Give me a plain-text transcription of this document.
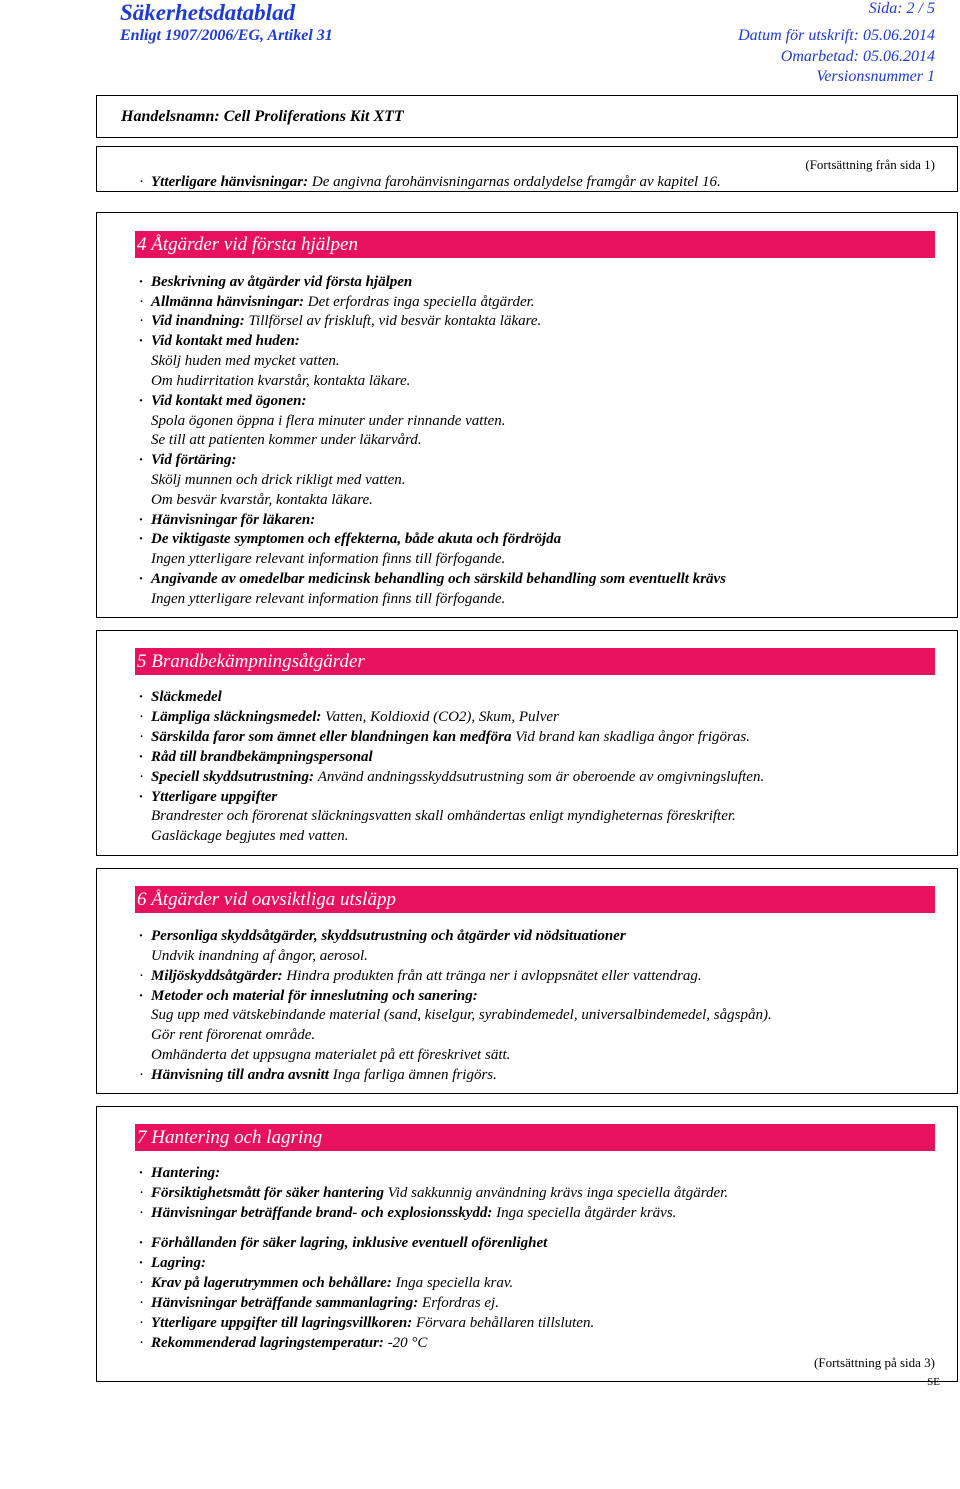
Säkerhetsdatablad
Enligt 1907/2006/EG, Artikel 31
Sida: 2 / 5
Datum för utskrift: 05.06.2014
Omarbetad: 05.06.2014
Versionsnummer 1
Handelsnamn: Cell Proliferations Kit XTT
(Fortsättning från sida 1)
· Ytterligare hänvisningar: De angivna farohänvisningarnas ordalydelse framgår av kapitel 16.
4 Åtgärder vid första hjälpen
· Beskrivning av åtgärder vid första hjälpen
· Allmänna hänvisningar: Det erfordras inga speciella åtgärder.
· Vid inandning: Tillförsel av friskluft, vid besvär kontakta läkare.
· Vid kontakt med huden:
Skölj huden med mycket vatten.
Om hudirritation kvarstår, kontakta läkare.
· Vid kontakt med ögonen:
Spola ögonen öppna i flera minuter under rinnande vatten.
Se till att patienten kommer under läkarvård.
· Vid förtäring:
Skölj munnen och drick rikligt med vatten.
Om besvär kvarstår, kontakta läkare.
· Hänvisningar för läkaren:
· De viktigaste symptomen och effekterna, både akuta och fördröjda
Ingen ytterligare relevant information finns till förfogande.
· Angivande av omedelbar medicinsk behandling och särskild behandling som eventuellt krävs
Ingen ytterligare relevant information finns till förfogande.
5 Brandbekämpningsåtgärder
· Släckmedel
· Lämpliga släckningsmedel: Vatten, Koldioxid (CO2), Skum, Pulver
· Särskilda faror som ämnet eller blandningen kan medföra Vid brand kan skadliga ångor frigöras.
· Råd till brandbekämpningspersonal
· Speciell skyddsutrustning: Använd andningsskyddsutrustning som är oberoende av omgivningsluften.
· Ytterligare uppgifter
Brandrester och förorenat släckningsvatten skall omhändertas enligt myndigheternas föreskrifter.
Gasläckage begjutes med vatten.
6 Åtgärder vid oavsiktliga utsläpp
· Personliga skyddsåtgärder, skyddsutrustning och åtgärder vid nödsituationer
Undvik inandning af ångor, aerosol.
· Miljöskyddsåtgärder: Hindra produkten från att tränga ner i avloppsnätet eller vattendrag.
· Metoder och material för inneslutning och sanering:
Sug upp med vätskebindande material (sand, kiselgur, syrabindemedel, universalbindemedel, sågspån).
Gör rent förorenat område.
Omhänderta det uppsugna materialet på ett föreskrivet sätt.
· Hänvisning till andra avsnitt Inga farliga ämnen frigörs.
7 Hantering och lagring
· Hantering:
· Försiktighetsmått för säker hantering Vid sakkunnig användning krävs inga speciella åtgärder.
· Hänvisningar beträffande brand- och explosionsskydd: Inga speciella åtgärder krävs.
· Förhållanden för säker lagring, inklusive eventuell oförenlighet
· Lagring:
· Krav på lagerutrymmen och behållare: Inga speciella krav.
· Hänvisningar beträffande sammanlagring: Erfordras ej.
· Ytterligare uppgifter till lagringsvillkoren: Förvara behållaren tillsluten.
· Rekommenderad lagringstemperatur: -20 °C
(Fortsättning på sida 3)
SE
